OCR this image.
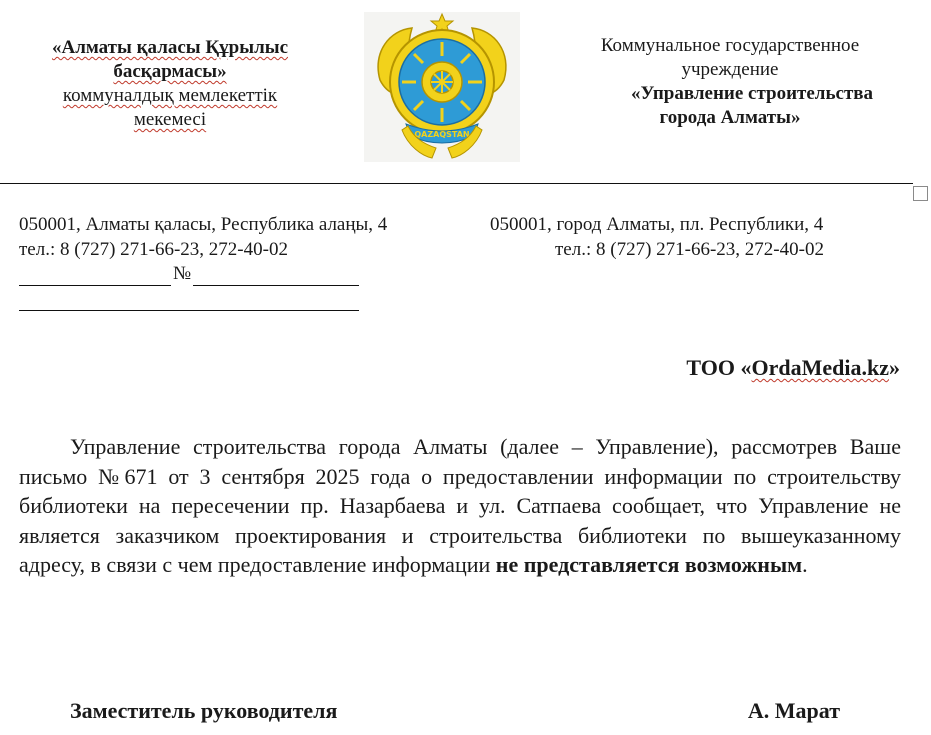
«Алматы қаласы Құрылыс
басқармасы»
коммуналдық мемлекеттік
мекемесі
QAZAQSTAN
Коммунальное государственное
учреждение
«Управление строительства
города Алматы»
050001, Алматы қаласы, Республика алаңы, 4
тел.: 8 (727) 271-66-23, 272-40-02
050001, город Алматы, пл. Республики, 4
тел.: 8 (727) 271-66-23, 272-40-02
№
ТОО «OrdaMedia.kz»
Управление строительства города Алматы (далее – Управление), рассмотрев Ваше письмо №671 от 3 сентября 2025 года о предоставлении информации по строительству библиотеки на пересечении пр. Назарбаева и ул. Сатпаева сообщает, что Управление не является заказчиком проектирования и строительства библиотеки по вышеуказанному адресу, в связи с чем предоставление информации не представляется возможным.
Заместитель руководителя	А. Марат
